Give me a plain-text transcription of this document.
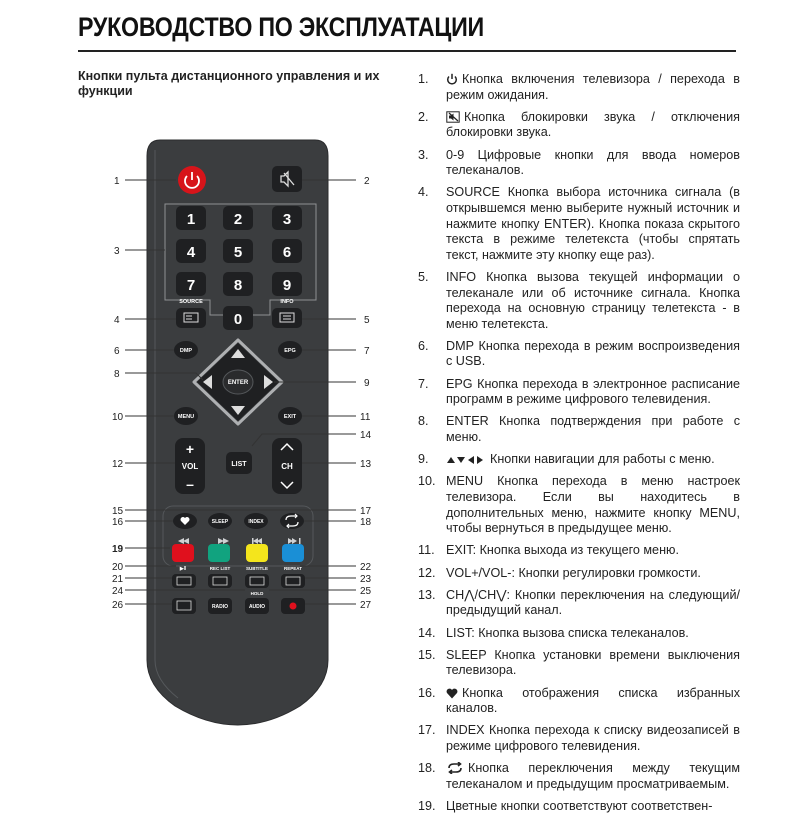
РУКОВОДСТВО ПО ЭКСПЛУАТАЦИИ
Кнопки пульта дистанционного управления и их функции
1	2	3
4	5	6
7	8	9
0
SOURCE	INFO
DMP	EPG
ENTER
MENU	EXIT
+
VOL
–
LIST	CH
SLEEP	INDEX
▶‖	REC LIST	SUBTITLE	REPEAT
HOLD
RADIO	AUDIO
1	2
3
4	5
6	7
8
9
10	11
12	13
14
15
16
17
18
19
20
21
22
23
24	25
26	27
1.	Кнопка включения телевизора / перехода в режим ожидания.
2.	Кнопка блокировки звука / отключения блокировки звука.
3.	0-9 Цифровые кнопки для ввода номеров телеканалов.
4.	SOURCE Кнопка выбора источника сигнала (в открывшемся меню выберите нужный источник и нажмите кнопку ENTER). Кнопка показа скрытого текста в режиме телетекста (чтобы спрятать текст, нажмите эту кнопку еще раз).
5.	INFO Кнопка вызова текущей информации о телеканале или об источнике сигнала. Кнопка перехода на основную страницу телетекста - в меню телетекста.
6.	DMP Кнопка перехода в режим воспроизведения с USB.
7.	EPG Кнопка перехода в электронное расписание программ в режиме цифрового телевидения.
8.	ENTER Кнопка подтверждения при работе с меню.
9.	Кнопки навигации для работы с меню.
10. MENU Кнопка перехода в меню настроек телевизора. Если вы находитесь в дополнительных меню, нажмите кнопку MENU, чтобы вернуться в предыдущее меню.
11. EXIT: Кнопка выхода из текущего меню.
12. VOL+/VOL-: Кнопки регулировки громкости.
13. CH⋀/CH⋁: Кнопки переключения на следующий/предыдущий канал.
14. LIST: Кнопка вызова списка телеканалов.
15. SLEEP Кнопка установки времени выключения телевизора.
16.	Кнопка отображения списка избранных каналов.
17. INDEX Кнопка перехода к списку видеозаписей в режиме цифрового телевидения.
18.	Кнопка переключения между текущим телеканалом и предыдущим просматриваемым.
19. Цветные кнопки соответствуют соответствен-
